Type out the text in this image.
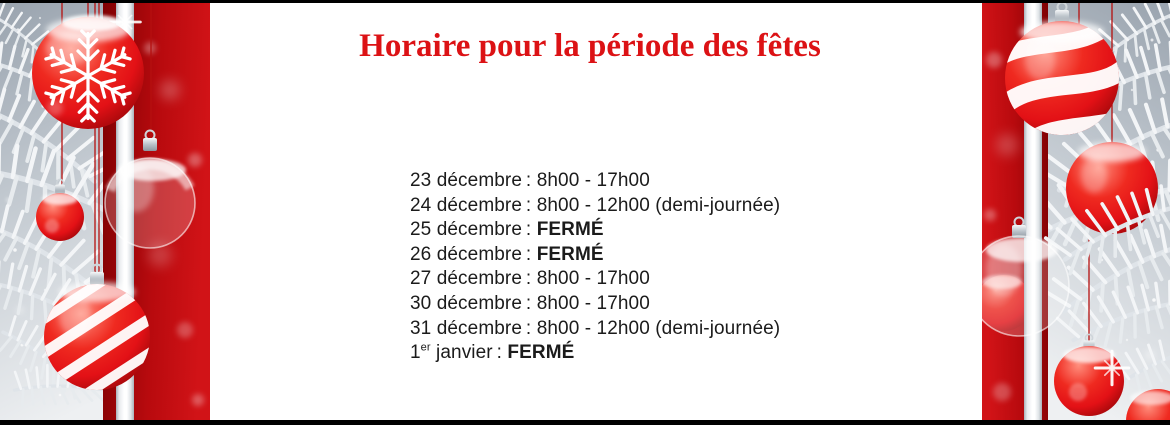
Horaire pour la période des fêtes
23 décembre : 8h00 - 17h00
24 décembre : 8h00 - 12h00 (demi-journée)
25 décembre : FERMÉ
26 décembre : FERMÉ
27 décembre : 8h00 - 17h00
30 décembre : 8h00 - 17h00
31 décembre : 8h00 - 12h00 (demi-journée)
1er janvier : FERMÉ
